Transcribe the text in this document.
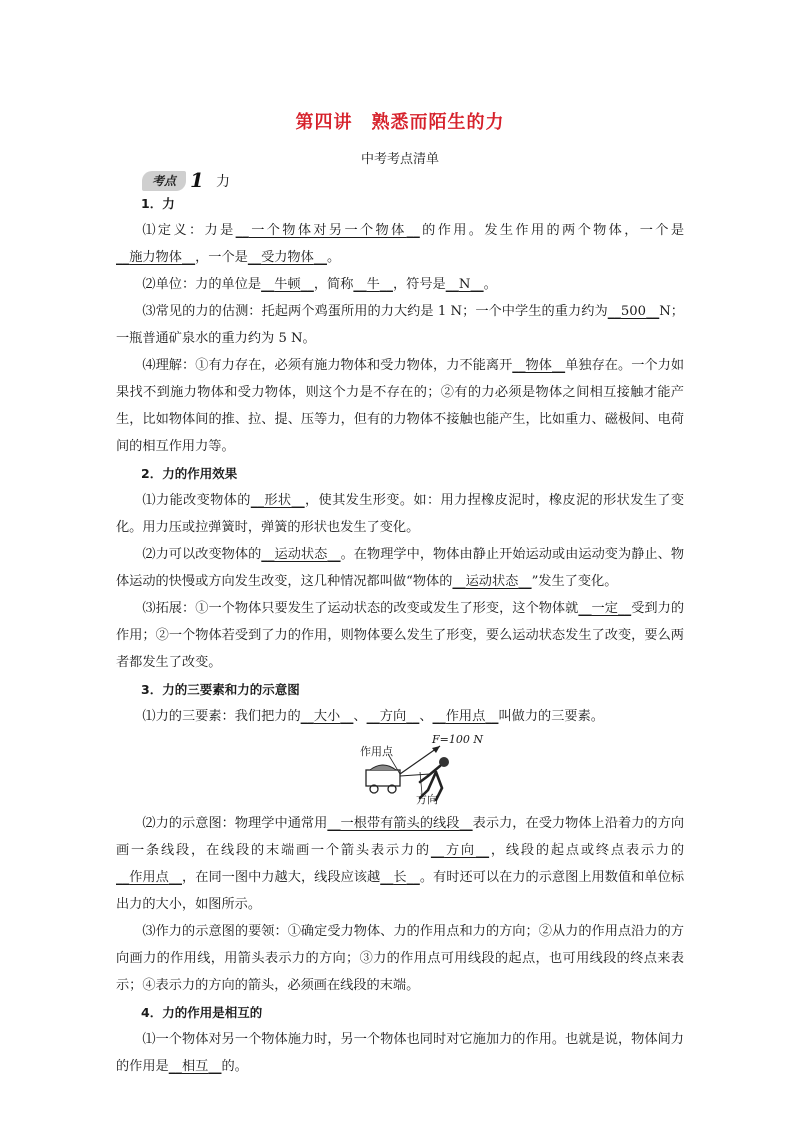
第四讲　熟悉而陌生的力
中考考点清单
考点 1 力

1．力

⑴定义：力是__一个物体对另一个物体__的作用。发生作用的两个物体，一个是__施力物体__，一个是__受力物体__。

⑵单位：力的单位是__牛顿__，简称__牛__，符号是__N__。

⑶常见的力的估测：托起两个鸡蛋所用的力大约是 1 N；一个中学生的重力约为__500__N；一瓶普通矿泉水的重力约为 5 N。

⑷理解：①有力存在，必须有施力物体和受力物体，力不能离开__物体__单独存在。一个力如果找不到施力物体和受力物体，则这个力是不存在的；②有的力必须是物体之间相互接触才能产生，比如物体间的推、拉、提、压等力，但有的力物体不接触也能产生，比如重力、磁极间、电荷间的相互作用力等。

2．力的作用效果

⑴力能改变物体的__形状__，使其发生形变。如：用力捏橡皮泥时，橡皮泥的形状发生了变化。用力压或拉弹簧时，弹簧的形状也发生了变化。

⑵力可以改变物体的__运动状态__。在物理学中，物体由静止开始运动或由运动变为静止、物体运动的快慢或方向发生改变，这几种情况都叫做“物体的__运动状态__”发生了变化。

⑶拓展：①一个物体只要发生了运动状态的改变或发生了形变，这个物体就__一定__受到力的作用；②一个物体若受到了力的作用，则物体要么发生了形变，要么运动状态发生了改变，要么两者都发生了改变。

3．力的三要素和力的示意图

⑴力的三要素：我们把力的__大小__、__方向__、__作用点__叫做力的三要素。

作用点
F=100 N
方向

⑵力的示意图：物理学中通常用__一根带有箭头的线段__表示力，在受力物体上沿着力的方向画一条线段，在线段的末端画一个箭头表示力的__方向__，线段的起点或终点表示力的__作用点__，在同一图中力越大，线段应该越__长__。有时还可以在力的示意图上用数值和单位标出力的大小，如图所示。

⑶作力的示意图的要领：①确定受力物体、力的作用点和力的方向；②从力的作用点沿力的方向画力的作用线，用箭头表示力的方向；③力的作用点可用线段的起点，也可用线段的终点来表示；④表示力的方向的箭头，必须画在线段的末端。

4．力的作用是相互的

⑴一个物体对另一个物体施力时，另一个物体也同时对它施加力的作用。也就是说，物体间力的作用是__相互__的。
